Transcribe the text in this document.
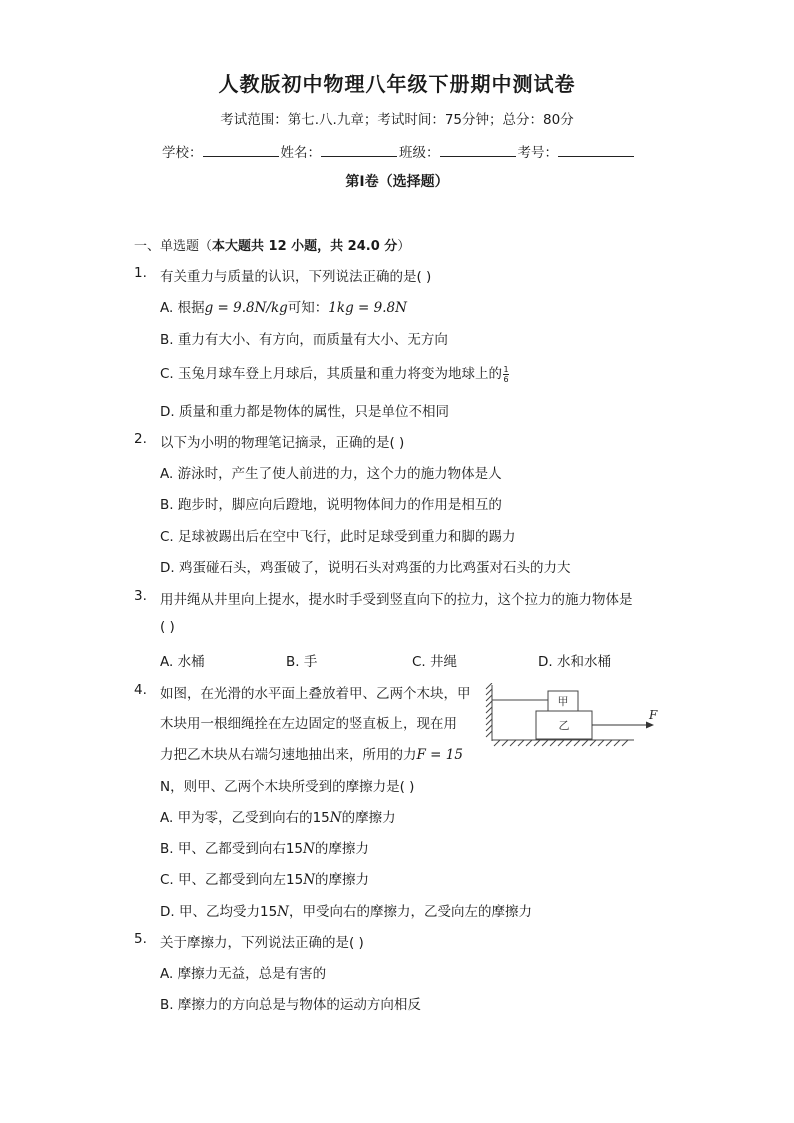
人教版初中物理八年级下册期中测试卷
考试范围：第七.八.九章；考试时间：75分钟；总分：80分
学校：	姓名：	班级：	考号：
第Ⅰ卷（选择题）
一、单选题（本大题共 12 小题，共 24.0 分）
1. 有关重力与质量的认识，下列说法正确的是( )
A. 根据g = 9.8N/kg可知：1kg = 9.8N
B. 重力有大小、有方向，而质量有大小、无方向
C. 玉兔月球车登上月球后，其质量和重力将变为地球上的 $\frac{1}{6}$
D. 质量和重力都是物体的属性，只是单位不相同
2. 以下为小明的物理笔记摘录，正确的是( )
A. 游泳时，产生了使人前进的力，这个力的施力物体是人
B. 跑步时，脚应向后蹬地，说明物体间力的作用是相互的
C. 足球被踢出后在空中飞行，此时足球受到重力和脚的踢力
D. 鸡蛋碰石头，鸡蛋破了，说明石头对鸡蛋的力比鸡蛋对石头的力大
3. 用井绳从井里向上提水，提水时手受到竖直向下的拉力，这个拉力的施力物体是
( )
A. 水桶	B. 手	C. 井绳	D. 水和水桶
4. 如图，在光滑的水平面上叠放着甲、乙两个木块，甲
木块用一根细绳拴在左边固定的竖直板上，现在用
力把乙木块从右端匀速地抽出来，所用的力F = 15
N，则甲、乙两个木块所受到的摩擦力是( )
A. 甲为零，乙受到向右的15N的摩擦力
B. 甲、乙都受到向右15N的摩擦力
C. 甲、乙都受到向左15N的摩擦力
D. 甲、乙均受力15N，甲受向右的摩擦力，乙受向左的摩擦力
甲
乙
F
5. 关于摩擦力，下列说法正确的是( )
A. 摩擦力无益，总是有害的
B. 摩擦力的方向总是与物体的运动方向相反
